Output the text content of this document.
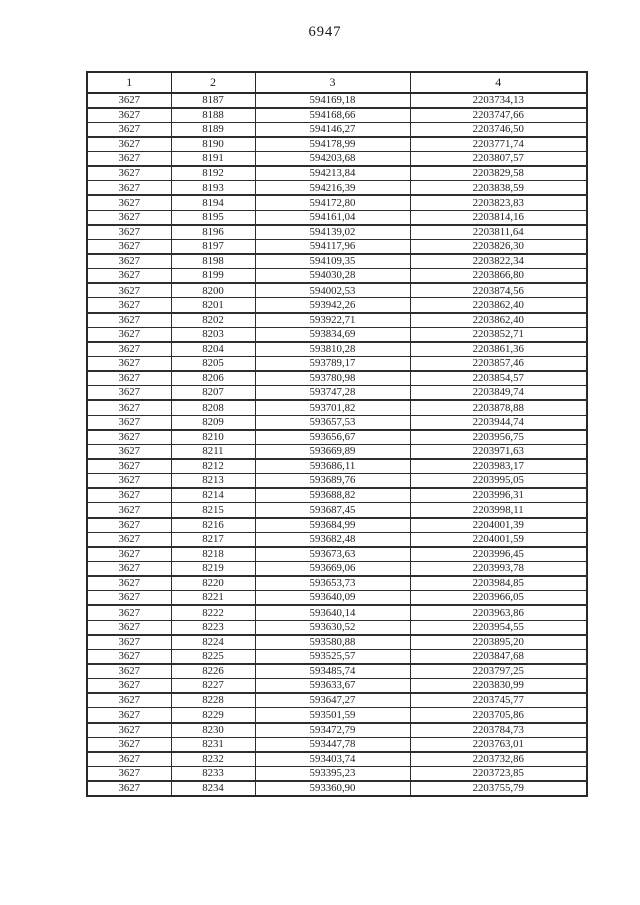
6947
1	2	3	4
3627	8187	594169,18	2203734,13
3627	8188	594168,66	2203747,66
3627	8189	594146,27	2203746,50
3627	8190	594178,99	2203771,74
3627	8191	594203,68	2203807,57
3627	8192	594213,84	2203829,58
3627	8193	594216,39	2203838,59
3627	8194	594172,80	2203823,83
3627	8195	594161,04	2203814,16
3627	8196	594139,02	2203811,64
3627	8197	594117,96	2203826,30
3627	8198	594109,35	2203822,34
3627	8199	594030,28	2203866,80
3627	8200	594002,53	2203874,56
3627	8201	593942,26	2203862,40
3627	8202	593922,71	2203862,40
3627	8203	593834,69	2203852,71
3627	8204	593810,28	2203861,36
3627	8205	593789,17	2203857,46
3627	8206	593780,98	2203854,57
3627	8207	593747,28	2203849,74
3627	8208	593701,82	2203878,88
3627	8209	593657,53	2203944,74
3627	8210	593656,67	2203956,75
3627	8211	593669,89	2203971,63
3627	8212	593686,11	2203983,17
3627	8213	593689,76	2203995,05
3627	8214	593688,82	2203996,31
3627	8215	593687,45	2203998,11
3627	8216	593684,99	2204001,39
3627	8217	593682,48	2204001,59
3627	8218	593673,63	2203996,45
3627	8219	593669,06	2203993,78
3627	8220	593653,73	2203984,85
3627	8221	593640,09	2203966,05
3627	8222	593640,14	2203963,86
3627	8223	593630,52	2203954,55
3627	8224	593580,88	2203895,20
3627	8225	593525,57	2203847,68
3627	8226	593485,74	2203797,25
3627	8227	593633,67	2203830,99
3627	8228	593647,27	2203745,77
3627	8229	593501,59	2203705,86
3627	8230	593472,79	2203784,73
3627	8231	593447,78	2203763,01
3627	8232	593403,74	2203732,86
3627	8233	593395,23	2203723,85
3627	8234	593360,90	2203755,79
